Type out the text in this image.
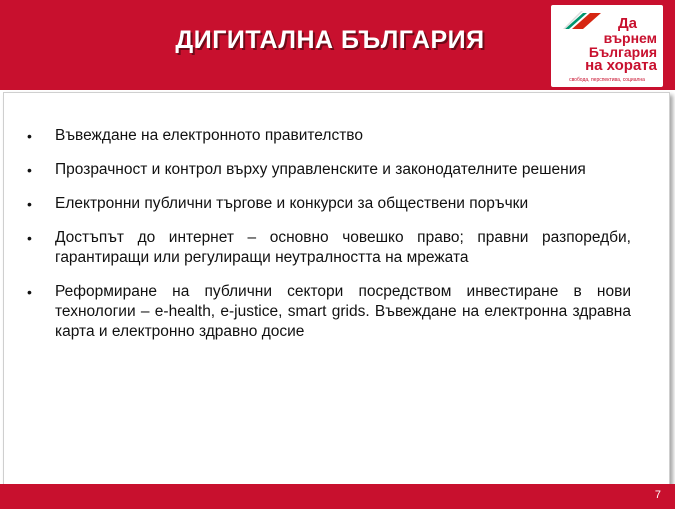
ДИГИТАЛНА БЪЛГАРИЯ
Да
върнем
България
на хората
свобода, перспектива, социална
• Въвеждане на електронното правителство
• Прозрачност и контрол върху управленските и законодателните решения
• Електронни публични търгове и конкурси за обществени поръчки
• Достъпът до интернет – основно човешко право; правни разпоредби, гарантиращи или регулиращи неутралността на мрежата
• Реформиране на публични сектори посредством инвестиране в нови технологии – e-health, e-justice, smart grids. Въвеждане на електронна здравна карта и електронно здравно досие
7
